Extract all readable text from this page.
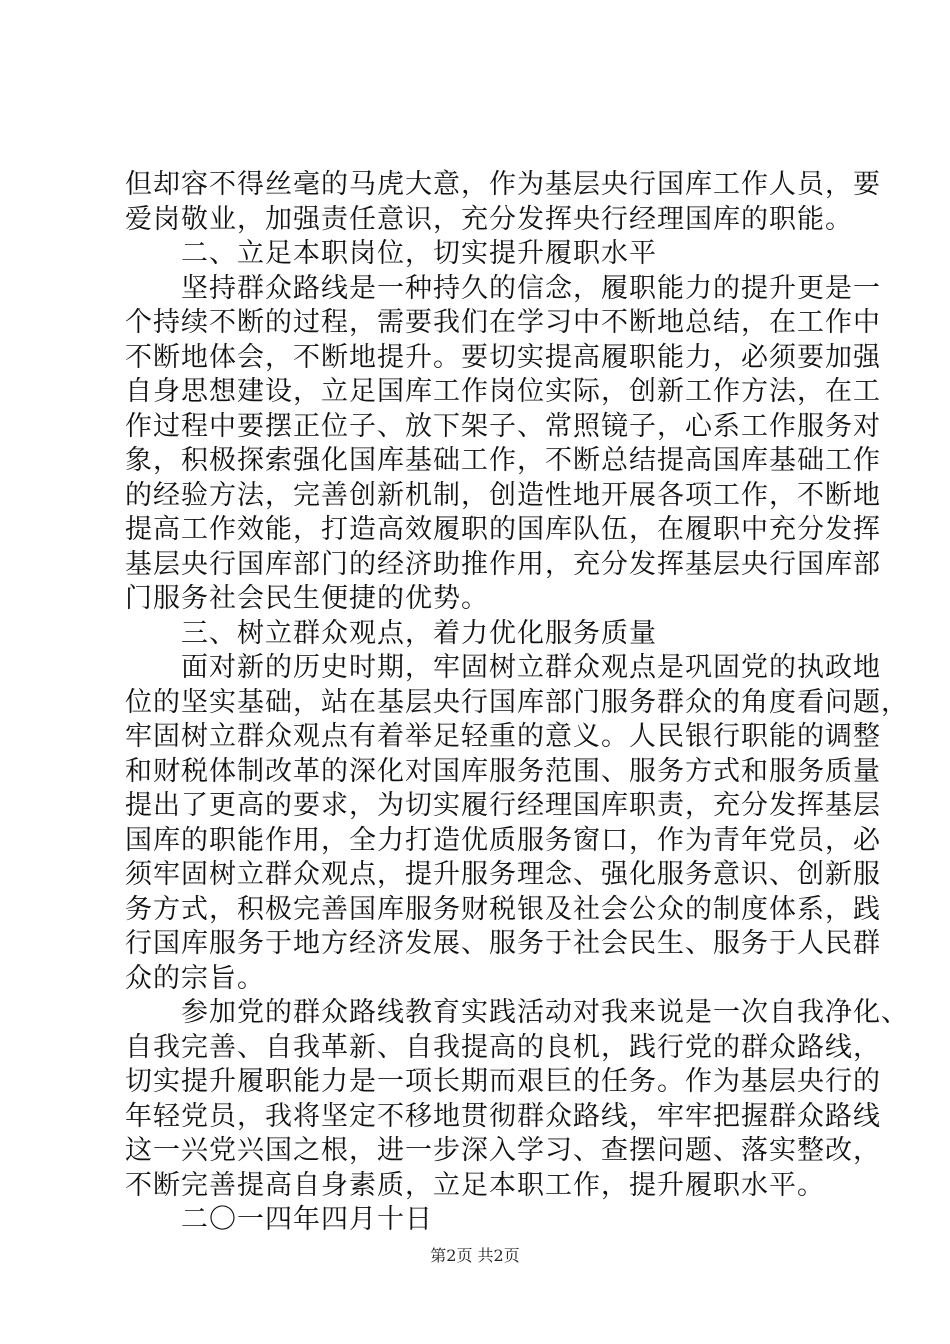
但却容不得丝毫的马虎大意，作为基层央行国库工作人员，要
爱岗敬业，加强责任意识，充分发挥央行经理国库的职能。
二、立足本职岗位，切实提升履职水平
坚持群众路线是一种持久的信念，履职能力的提升更是一
个持续不断的过程，需要我们在学习中不断地总结，在工作中
不断地体会，不断地提升。要切实提高履职能力，必须要加强
自身思想建设，立足国库工作岗位实际，创新工作方法，在工
作过程中要摆正位子、放下架子、常照镜子，心系工作服务对
象，积极探索强化国库基础工作，不断总结提高国库基础工作
的经验方法，完善创新机制，创造性地开展各项工作，不断地
提高工作效能，打造高效履职的国库队伍，在履职中充分发挥
基层央行国库部门的经济助推作用，充分发挥基层央行国库部
门服务社会民生便捷的优势。
三、树立群众观点，着力优化服务质量
面对新的历史时期，牢固树立群众观点是巩固党的执政地
位的坚实基础，站在基层央行国库部门服务群众的角度看问题，
牢固树立群众观点有着举足轻重的意义。人民银行职能的调整
和财税体制改革的深化对国库服务范围、服务方式和服务质量
提出了更高的要求，为切实履行经理国库职责，充分发挥基层
国库的职能作用，全力打造优质服务窗口，作为青年党员，必
须牢固树立群众观点，提升服务理念、强化服务意识、创新服
务方式，积极完善国库服务财税银及社会公众的制度体系，践
行国库服务于地方经济发展、服务于社会民生、服务于人民群
众的宗旨。
参加党的群众路线教育实践活动对我来说是一次自我净化、
自我完善、自我革新、自我提高的良机，践行党的群众路线，
切实提升履职能力是一项长期而艰巨的任务。作为基层央行的
年轻党员，我将坚定不移地贯彻群众路线，牢牢把握群众路线
这一兴党兴国之根，进一步深入学习、查摆问题、落实整改，
不断完善提高自身素质，立足本职工作，提升履职水平。
二〇一四年四月十日
第2页 共2页
